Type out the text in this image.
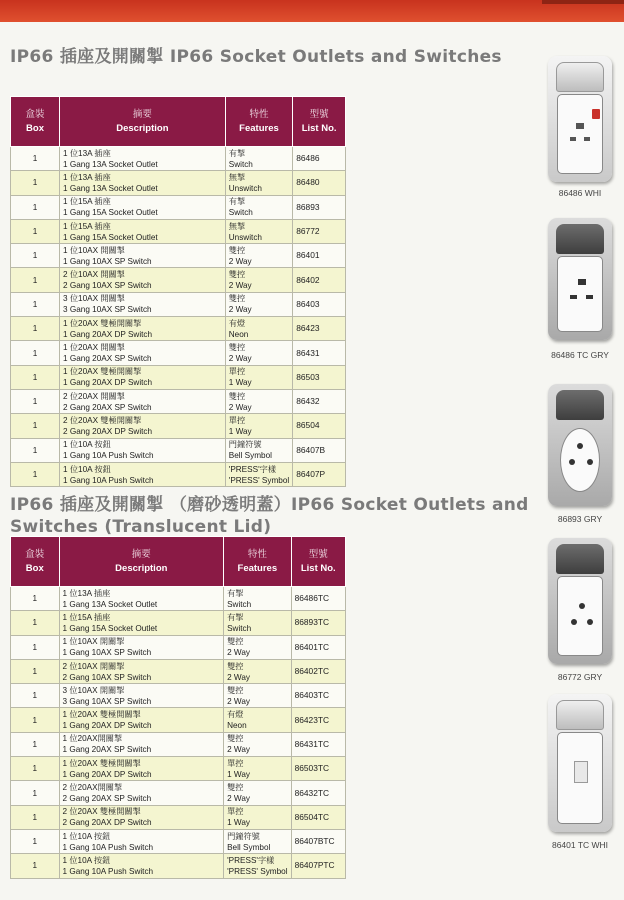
IP66 插座及開關掣 IP66 Socket Outlets and Switches
盒裝
Box	摘要
Description	特性
Features	型號
List No.

1	1 位13A 插座
1 Gang 13A Socket Outlet	有掣
Switch	86486

1	1 位13A 插座
1 Gang 13A Socket Outlet	無掣
Unswitch	86480

1	1 位15A 插座
1 Gang 15A Socket Outlet	有掣
Switch	86893

1	1 位15A 插座
1 Gang 15A Socket Outlet	無掣
Unswitch	86772

1	1 位10AX 開關掣
1 Gang 10AX SP Switch	雙控
2 Way	86401

1	2 位10AX 開關掣
2 Gang 10AX SP Switch	雙控
2 Way	86402

1	3 位10AX 開關掣
3 Gang 10AX SP Switch	雙控
2 Way	86403

1	1 位20AX 雙極開關掣
1 Gang 20AX DP Switch	有燈
Neon	86423

1	1 位20AX 開關掣
1 Gang 20AX SP Switch	雙控
2 Way	86431

1	1 位20AX 雙極開關掣
1 Gang 20AX DP Switch	單控
1 Way	86503

1	2 位20AX 開關掣
2 Gang 20AX SP Switch	雙控
2 Way	86432

1	2 位20AX 雙極開關掣
2 Gang 20AX DP Switch	單控
1 Way	86504

1	1 位10A 按鈕
1 Gang 10A Push Switch	門鐘符號
Bell Symbol	86407B

1	1 位10A 按鈕
1 Gang 10A Push Switch	'PRESS'字樣
'PRESS' Symbol	86407P
IP66 插座及開關掣 （磨砂透明蓋）IP66 Socket Outlets and Switches (Translucent Lid)
盒裝
Box	摘要
Description	特性
Features	型號
List No.

1	1 位13A 插座
1 Gang 13A Socket Outlet	有掣
Switch	86486TC

1	1 位15A 插座
1 Gang 15A Socket Outlet	有掣
Switch	86893TC

1	1 位10AX 開關掣
1 Gang 10AX SP Switch	雙控
2 Way	86401TC

1	2 位10AX 開關掣
2 Gang 10AX SP Switch	雙控
2 Way	86402TC

1	3 位10AX 開關掣
3 Gang 10AX SP Switch	雙控
2 Way	86403TC

1	1 位20AX 雙極開關掣
1 Gang 20AX DP Switch	有燈
Neon	86423TC

1	1 位20AX開關掣
1 Gang 20AX SP Switch	雙控
2 Way	86431TC

1	1 位20AX 雙極開關掣
1 Gang 20AX DP Switch	單控
1 Way	86503TC

1	2 位20AX開關掣
2 Gang 20AX SP Switch	雙控
2 Way	86432TC

1	2 位20AX 雙極開關掣
2 Gang 20AX DP Switch	單控
1 Way	86504TC

1	1 位10A 按鈕
1 Gang 10A Push Switch	門鐘符號
Bell Symbol	86407BTC

1	1 位10A 按鈕
1 Gang 10A Push Switch	'PRESS'字樣
'PRESS' Symbol	86407PTC
86486 WHI
86486 TC GRY
86893 GRY
86772 GRY
86401 TC WHI
